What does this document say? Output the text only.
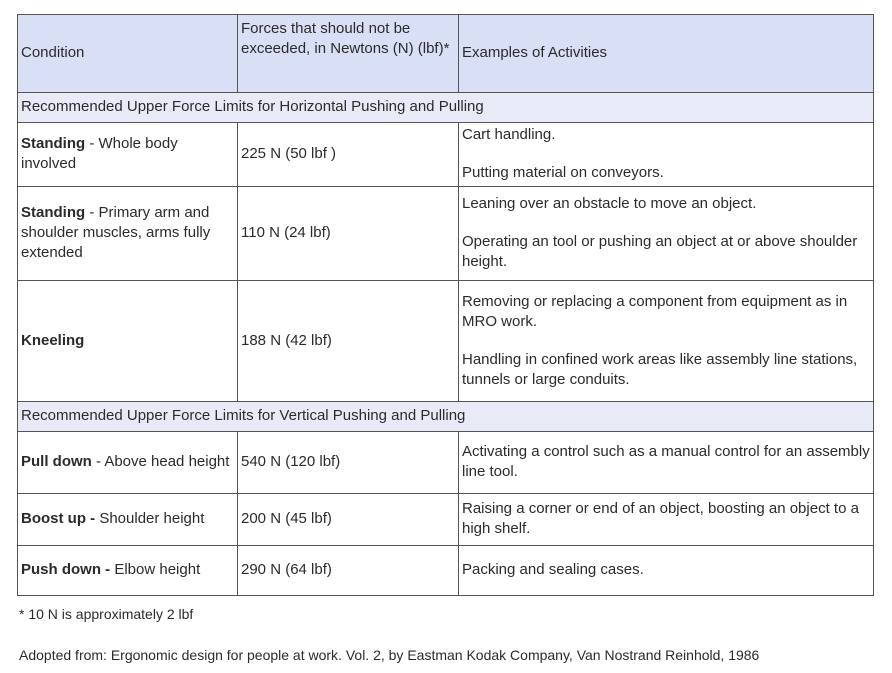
Condition	Forces that should not be exceeded, in Newtons (N) (lbf)*	Examples of Activities
Recommended Upper Force Limits for Horizontal Pushing and Pulling		
Standing - Whole body involved	225 N (50 lbf )	Cart handling.
Putting material on conveyors.

Standing - Primary arm and shoulder muscles, arms fully extended	110 N (24 lbf)	Leaning over an obstacle to move an object.
Operating an tool or pushing an object at or above shoulder height.

Kneeling	188 N (42 lbf)	Removing or replacing a component from equipment as in MRO work.
Handling in confined work areas like assembly line stations, tunnels or large conduits.

Recommended Upper Force Limits for Vertical Pushing and Pulling		
Pull down - Above head height	540 N (120 lbf)	Activating a control such as a manual control for an assembly line tool.

Boost up - Shoulder height	200 N (45 lbf)	Raising a corner or end of an object, boosting an object to a high shelf.

Push down - Elbow height	290 N (64 lbf)	Packing and sealing cases.
* 10 N is approximately 2 lbf
Adopted from: Ergonomic design for people at work. Vol. 2, by Eastman Kodak Company, Van Nostrand Reinhold, 1986
